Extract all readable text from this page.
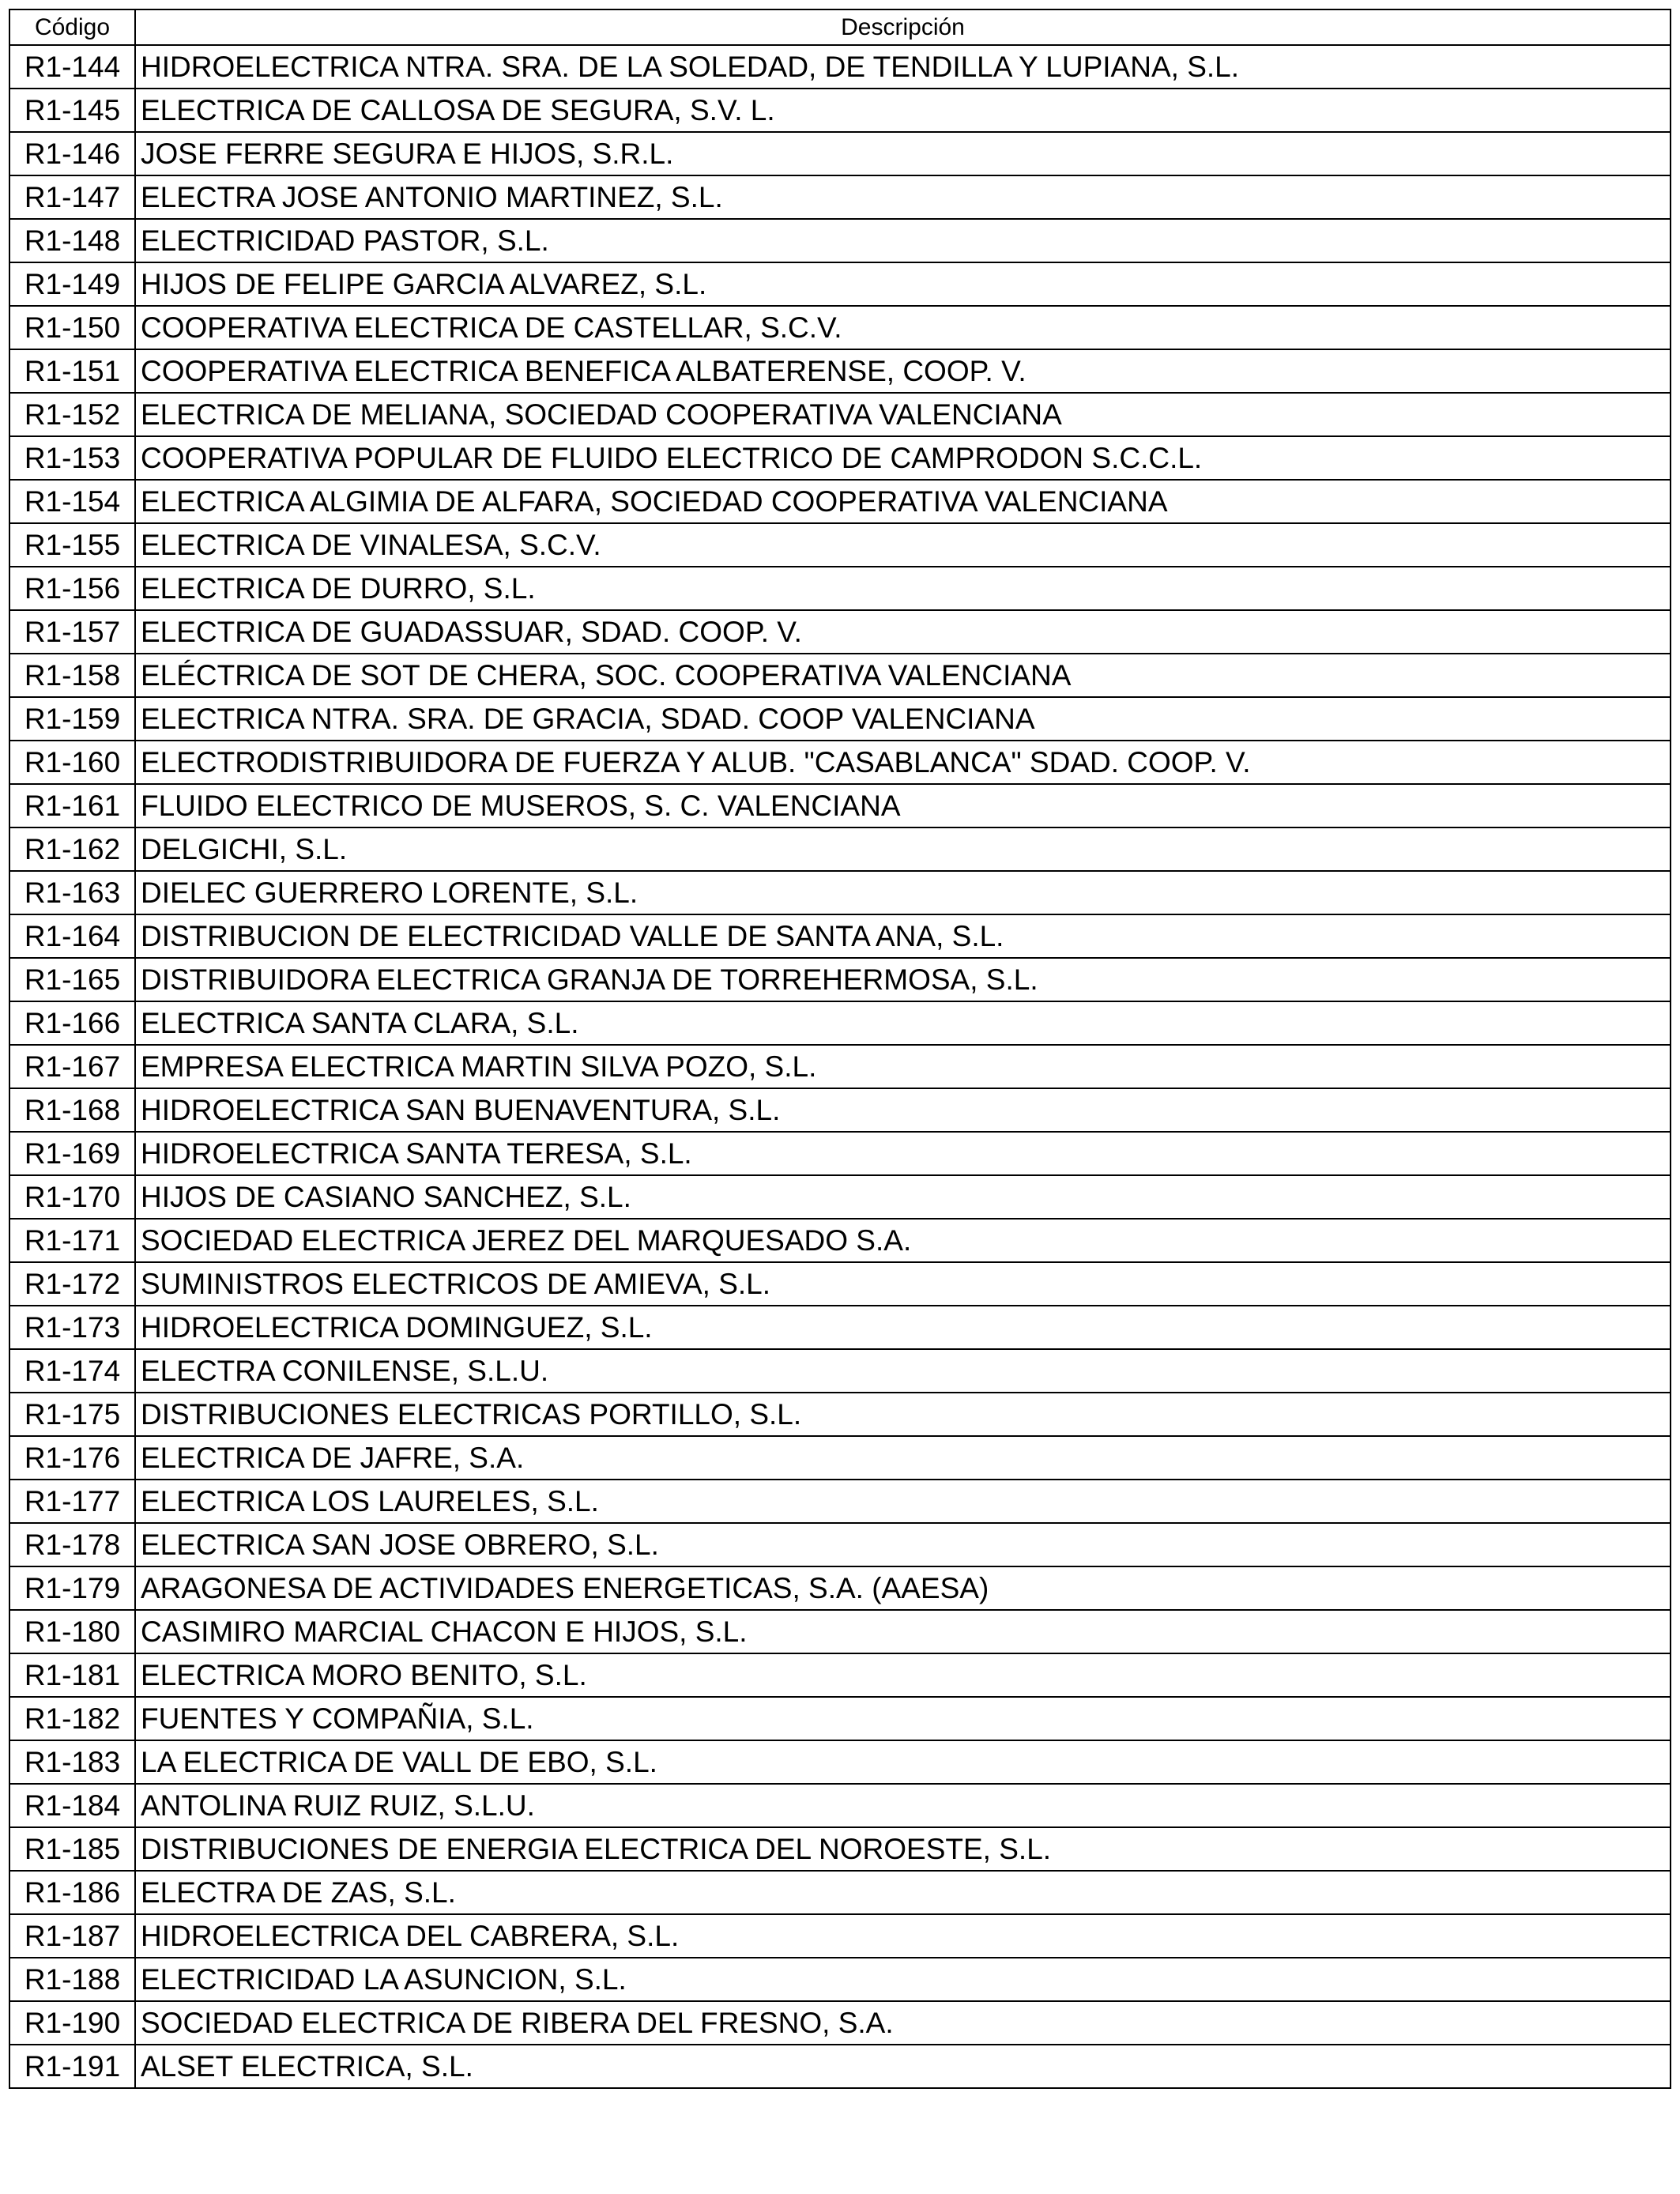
Código	Descripción
R1-144	HIDROELECTRICA NTRA. SRA. DE LA SOLEDAD, DE TENDILLA Y LUPIANA, S.L.
R1-145	ELECTRICA DE CALLOSA DE SEGURA, S.V. L.
R1-146	JOSE FERRE SEGURA E HIJOS, S.R.L.
R1-147	ELECTRA JOSE ANTONIO MARTINEZ, S.L.
R1-148	ELECTRICIDAD PASTOR, S.L.
R1-149	HIJOS DE FELIPE GARCIA ALVAREZ, S.L.
R1-150	COOPERATIVA ELECTRICA DE CASTELLAR, S.C.V.
R1-151	COOPERATIVA ELECTRICA BENEFICA ALBATERENSE, COOP. V.
R1-152	ELECTRICA DE MELIANA, SOCIEDAD COOPERATIVA VALENCIANA
R1-153	COOPERATIVA POPULAR DE FLUIDO ELECTRICO DE CAMPRODON S.C.C.L.
R1-154	ELECTRICA ALGIMIA DE ALFARA, SOCIEDAD COOPERATIVA VALENCIANA
R1-155	ELECTRICA DE VINALESA, S.C.V.
R1-156	ELECTRICA DE DURRO, S.L.
R1-157	ELECTRICA DE GUADASSUAR, SDAD. COOP. V.
R1-158	ELÉCTRICA DE SOT DE CHERA, SOC. COOPERATIVA VALENCIANA
R1-159	ELECTRICA NTRA. SRA. DE GRACIA, SDAD. COOP VALENCIANA
R1-160	ELECTRODISTRIBUIDORA DE FUERZA Y ALUB. "CASABLANCA" SDAD. COOP. V.
R1-161	FLUIDO ELECTRICO DE MUSEROS, S. C. VALENCIANA
R1-162	DELGICHI, S.L.
R1-163	DIELEC GUERRERO LORENTE, S.L.
R1-164	DISTRIBUCION DE ELECTRICIDAD VALLE DE SANTA ANA, S.L.
R1-165	DISTRIBUIDORA ELECTRICA GRANJA DE TORREHERMOSA, S.L.
R1-166	ELECTRICA SANTA CLARA, S.L.
R1-167	EMPRESA ELECTRICA MARTIN SILVA POZO, S.L.
R1-168	HIDROELECTRICA SAN BUENAVENTURA, S.L.
R1-169	HIDROELECTRICA SANTA TERESA, S.L.
R1-170	HIJOS DE CASIANO SANCHEZ, S.L.
R1-171	SOCIEDAD ELECTRICA JEREZ DEL MARQUESADO S.A.
R1-172	SUMINISTROS ELECTRICOS DE AMIEVA, S.L.
R1-173	HIDROELECTRICA DOMINGUEZ, S.L.
R1-174	ELECTRA CONILENSE, S.L.U.
R1-175	DISTRIBUCIONES ELECTRICAS PORTILLO, S.L.
R1-176	ELECTRICA DE JAFRE, S.A.
R1-177	ELECTRICA LOS LAURELES, S.L.
R1-178	ELECTRICA SAN JOSE OBRERO, S.L.
R1-179	ARAGONESA DE ACTIVIDADES ENERGETICAS, S.A. (AAESA)
R1-180	CASIMIRO MARCIAL CHACON E HIJOS, S.L.
R1-181	ELECTRICA MORO BENITO, S.L.
R1-182	FUENTES Y COMPAÑIA, S.L.
R1-183	LA ELECTRICA DE VALL DE EBO, S.L.
R1-184	ANTOLINA RUIZ RUIZ, S.L.U.
R1-185	DISTRIBUCIONES DE ENERGIA ELECTRICA DEL NOROESTE, S.L.
R1-186	ELECTRA DE ZAS, S.L.
R1-187	HIDROELECTRICA DEL CABRERA, S.L.
R1-188	ELECTRICIDAD LA ASUNCION, S.L.
R1-190	SOCIEDAD ELECTRICA DE RIBERA DEL FRESNO, S.A.
R1-191	ALSET ELECTRICA, S.L.
